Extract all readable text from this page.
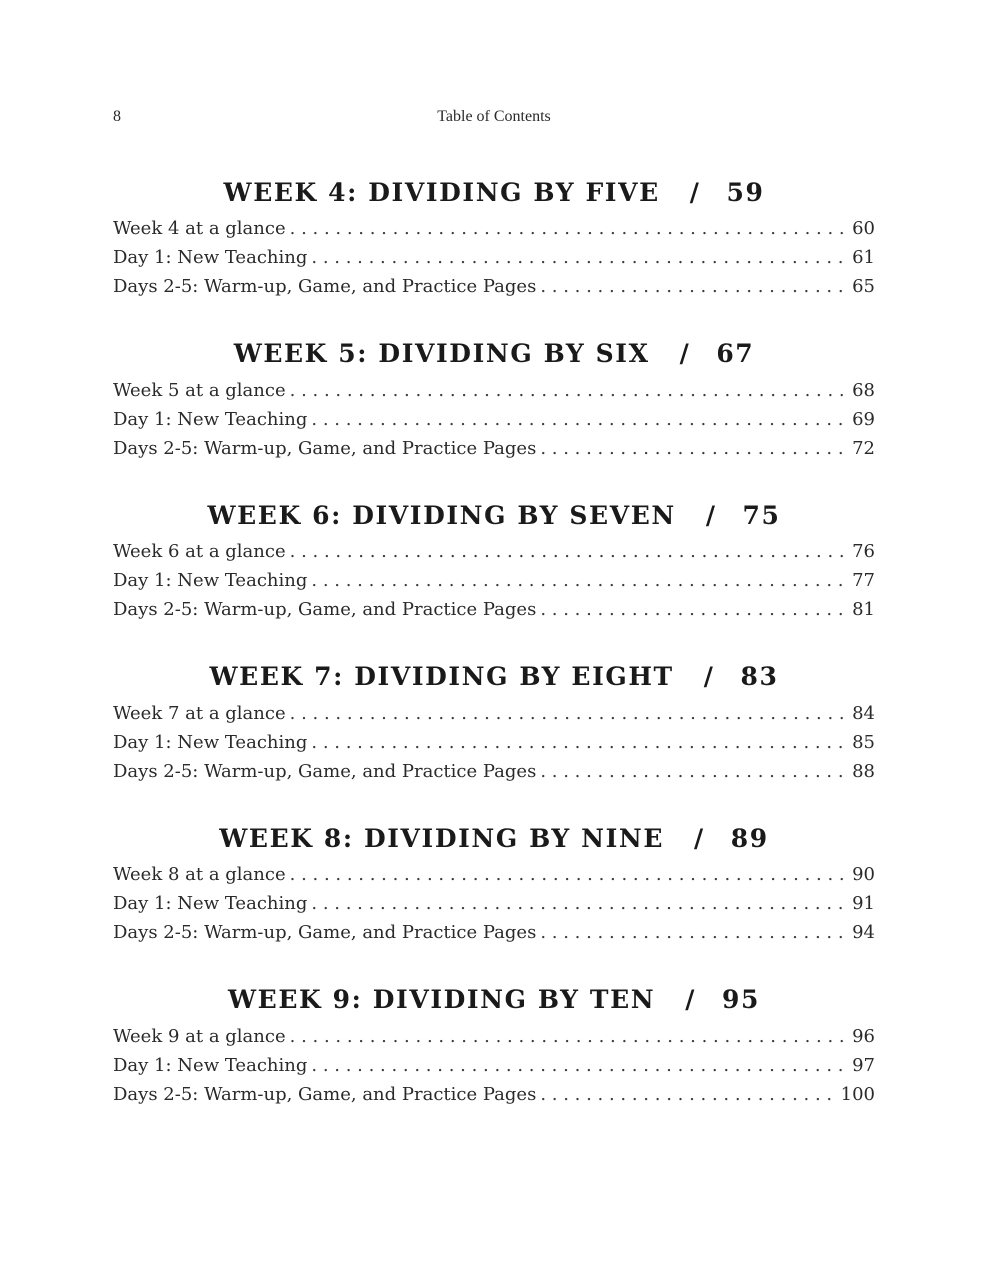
8	Table of Contents
WEEK 4: DIVIDING BY FIVE / 59
Week 4 at a glance . . .	60
Day 1: New Teaching . . .	61
Days 2-5: Warm-up, Game, and Practice Pages . . .	65
WEEK 5: DIVIDING BY SIX / 67
Week 5 at a glance . . .	68
Day 1: New Teaching . . .	69
Days 2-5: Warm-up, Game, and Practice Pages . . .	72
WEEK 6: DIVIDING BY SEVEN / 75
Week 6 at a glance . . .	76
Day 1: New Teaching . . .	77
Days 2-5: Warm-up, Game, and Practice Pages . . .	81
WEEK 7: DIVIDING BY EIGHT / 83
Week 7 at a glance . . .	84
Day 1: New Teaching . . .	85
Days 2-5: Warm-up, Game, and Practice Pages . . .	88
WEEK 8: DIVIDING BY NINE / 89
Week 8 at a glance . . .	90
Day 1: New Teaching . . .	91
Days 2-5: Warm-up, Game, and Practice Pages . . .	94
WEEK 9: DIVIDING BY TEN / 95
Week 9 at a glance . . .	96
Day 1: New Teaching . . .	97
Days 2-5: Warm-up, Game, and Practice Pages . . .	100
